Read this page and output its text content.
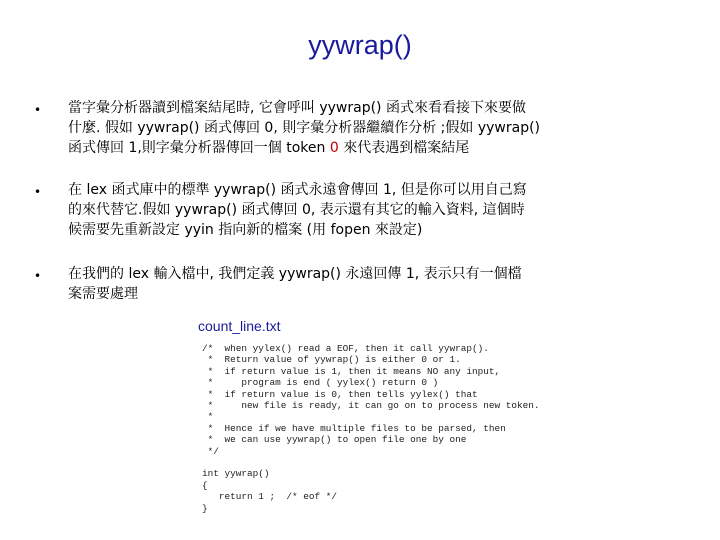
yywrap()
• 當字彙分析器讀到檔案結尾時, 它會呼叫 yywrap() 函式來看看接下來要做
什麼. 假如 yywrap() 函式傳回 0, 則字彙分析器繼續作分析 ;假如 yywrap()
函式傳回 1,則字彙分析器傳回一個 token 0 來代表遇到檔案結尾
• 在 lex 函式庫中的標準 yywrap() 函式永遠會傳回 1, 但是你可以用自己寫
的來代替它.假如 yywrap() 函式傳回 0, 表示還有其它的輸入資料, 這個時
候需要先重新設定 yyin 指向新的檔案 (用 fopen 來設定)
• 在我們的 lex 輸入檔中, 我們定義 yywrap() 永遠回傳 1, 表示只有一個檔
案需要處理
count_line.txt
/*  when yylex() read a EOF, then it call yywrap().
*  Return value of yywrap() is either 0 or 1.
*  if return value is 1, then it means NO any input,
*     program is end ( yylex() return 0 )
*  if return value is 0, then tells yylex() that
*     new file is ready, it can go on to process new token.
*
*  Hence if we have multiple files to be parsed, then
*  we can use yywrap() to open file one by one
*/

int yywrap()
{
return 1 ;  /* eof */
}
